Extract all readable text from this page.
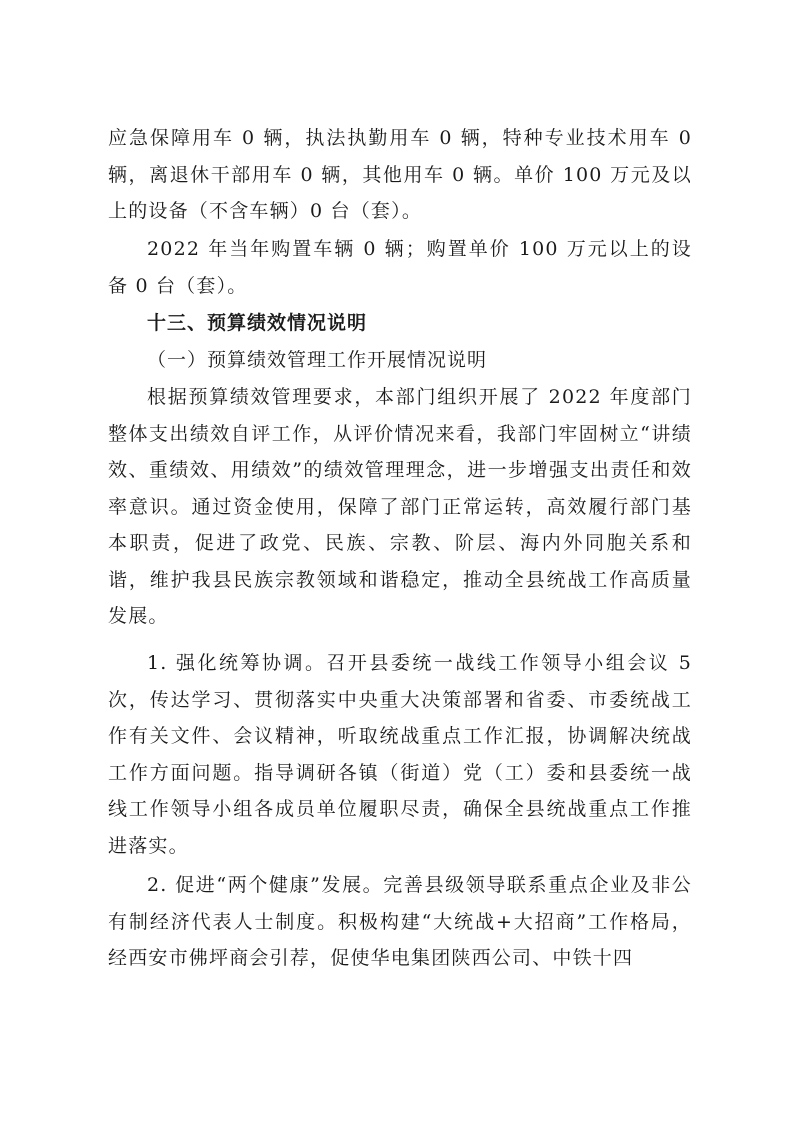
应急保障用车 0 辆，执法执勤用车 0 辆，特种专业技术用车 0 辆，离退休干部用车 0 辆，其他用车 0 辆。单价 100 万元及以上的设备（不含车辆）0 台（套）。

2022 年当年购置车辆 0 辆；购置单价 100 万元以上的设备 0 台（套）。

十三、预算绩效情况说明

（一）预算绩效管理工作开展情况说明

根据预算绩效管理要求，本部门组织开展了 2022 年度部门整体支出绩效自评工作，从评价情况来看，我部门牢固树立“讲绩效、重绩效、用绩效”的绩效管理理念，进一步增强支出责任和效率意识。通过资金使用，保障了部门正常运转，高效履行部门基本职责，促进了政党、民族、宗教、阶层、海内外同胞关系和谐，维护我县民族宗教领域和谐稳定，推动全县统战工作高质量发展。

1. 强化统筹协调。召开县委统一战线工作领导小组会议 5 次，传达学习、贯彻落实中央重大决策部署和省委、市委统战工作有关文件、会议精神，听取统战重点工作汇报，协调解决统战工作方面问题。指导调研各镇（街道）党（工）委和县委统一战线工作领导小组各成员单位履职尽责，确保全县统战重点工作推进落实。

2. 促进“两个健康”发展。完善县级领导联系重点企业及非公有制经济代表人士制度。积极构建“大统战+大招商”工作格局，经西安市佛坪商会引荐，促使华电集团陕西公司、中铁十四
